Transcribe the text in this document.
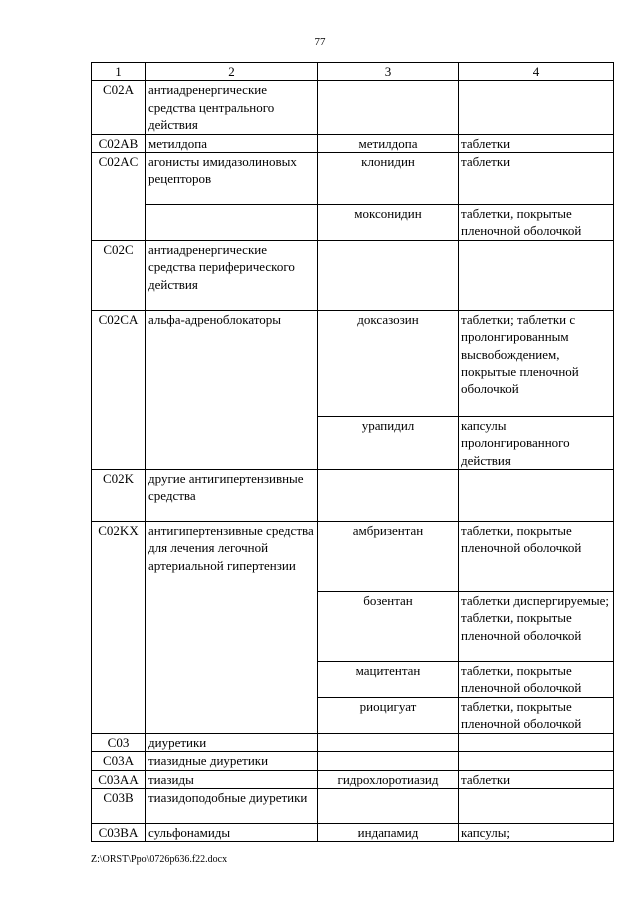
77
1	2	3	4
C02A	антиадренергические средства центрального действия		
C02AB	метилдопа	метилдопа	таблетки
C02AC	агонисты имидазолиновых рецепторов	клонидин	таблетки
		моксонидин	таблетки, покрытые пленочной оболочкой
C02C	антиадренергические средства периферического действия		
C02CA	альфа-адреноблокаторы	доксазозин	таблетки; таблетки с пролонгированным высвобождением, покрытые пленочной оболочкой
		урапидил	капсулы пролонгированного действия
C02K	другие антигипертензивные средства		
C02KX	антигипертензивные средства для лечения легочной артериальной гипертензии	амбризентан	таблетки, покрытые пленочной оболочкой
		бозентан	таблетки диспергируемые; таблетки, покрытые пленочной оболочкой
		мацитентан	таблетки, покрытые пленочной оболочкой
		риоцигуат	таблетки, покрытые пленочной оболочкой
C03	диуретики		
C03A	тиазидные диуретики		
C03AA	тиазиды	гидрохлоротиазид	таблетки
C03B	тиазидоподобные диуретики		
C03BA	сульфонамиды	индапамид	капсулы;
Z:\ORST\Ppo\0726p636.f22.docx
